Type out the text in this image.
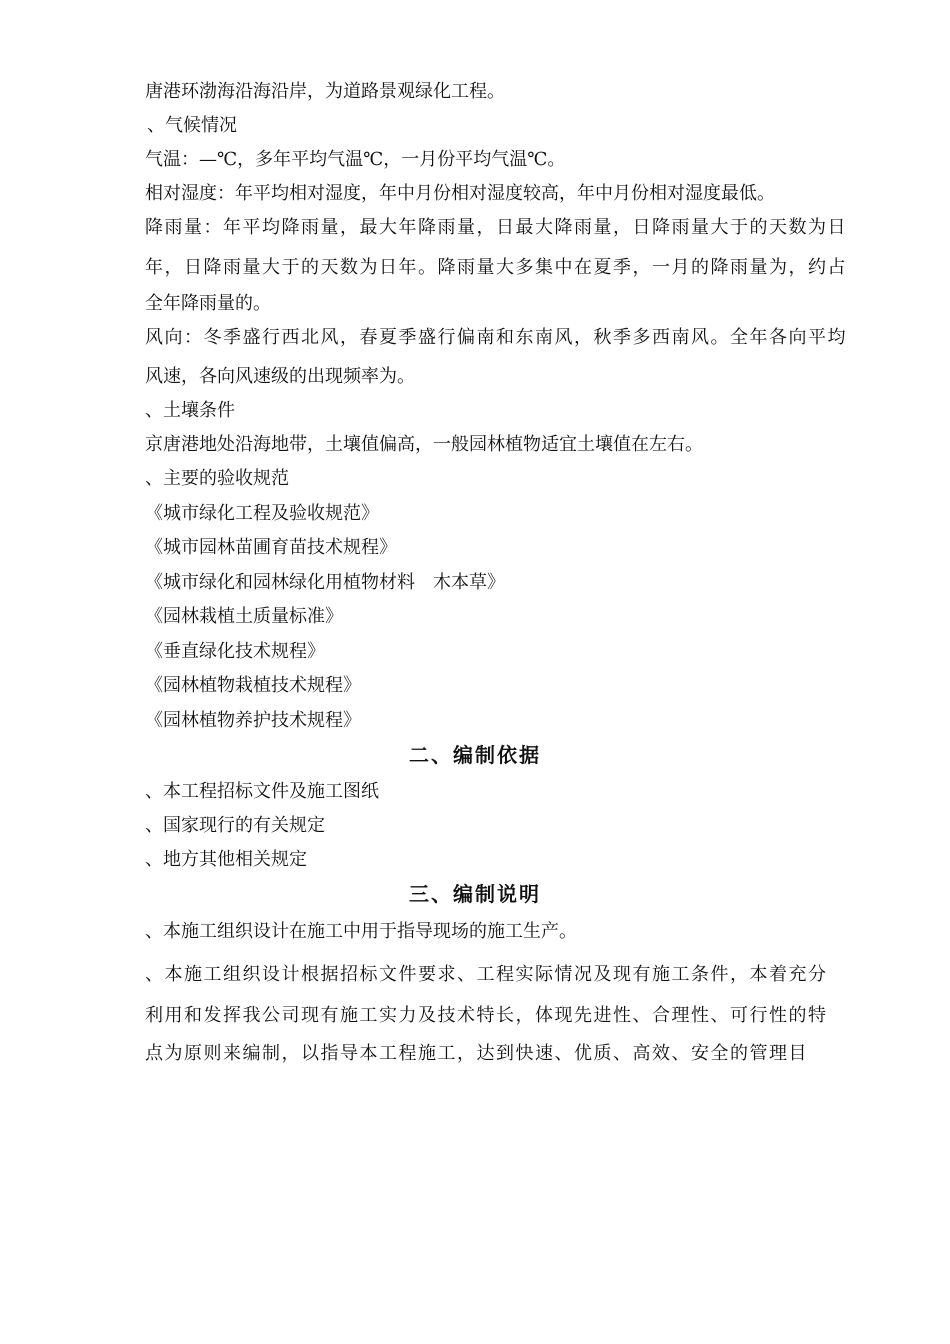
唐港环渤海沿海沿岸，为道路景观绿化工程。

、气候情况

气温：—℃，多年平均气温℃，一月份平均气温℃。

相对湿度：年平均相对湿度，年中月份相对湿度较高，年中月份相对湿度最低。

降雨量：年平均降雨量，最大年降雨量，日最大降雨量，日降雨量大于的天数为日

年，日降雨量大于的天数为日年。降雨量大多集中在夏季，一月的降雨量为，约占

全年降雨量的。

风向：冬季盛行西北风，春夏季盛行偏南和东南风，秋季多西南风。全年各向平均

风速，各向风速级的出现频率为。

、土壤条件

京唐港地处沿海地带，土壤值偏高，一般园林植物适宜土壤值在左右。

、主要的验收规范

《城市绿化工程及验收规范》

《城市园林苗圃育苗技术规程》

《城市绿化和园林绿化用植物材料　木本草》

《园林栽植土质量标准》

《垂直绿化技术规程》

《园林植物栽植技术规程》

《园林植物养护技术规程》

二、编制依据

、本工程招标文件及施工图纸

、国家现行的有关规定

、地方其他相关规定

三、编制说明

、本施工组织设计在施工中用于指导现场的施工生产。

、本施工组织设计根据招标文件要求、工程实际情况及现有施工条件，本着充分

利用和发挥我公司现有施工实力及技术特长，体现先进性、合理性、可行性的特

点为原则来编制，以指导本工程施工，达到快速、优质、高效、安全的管理目
